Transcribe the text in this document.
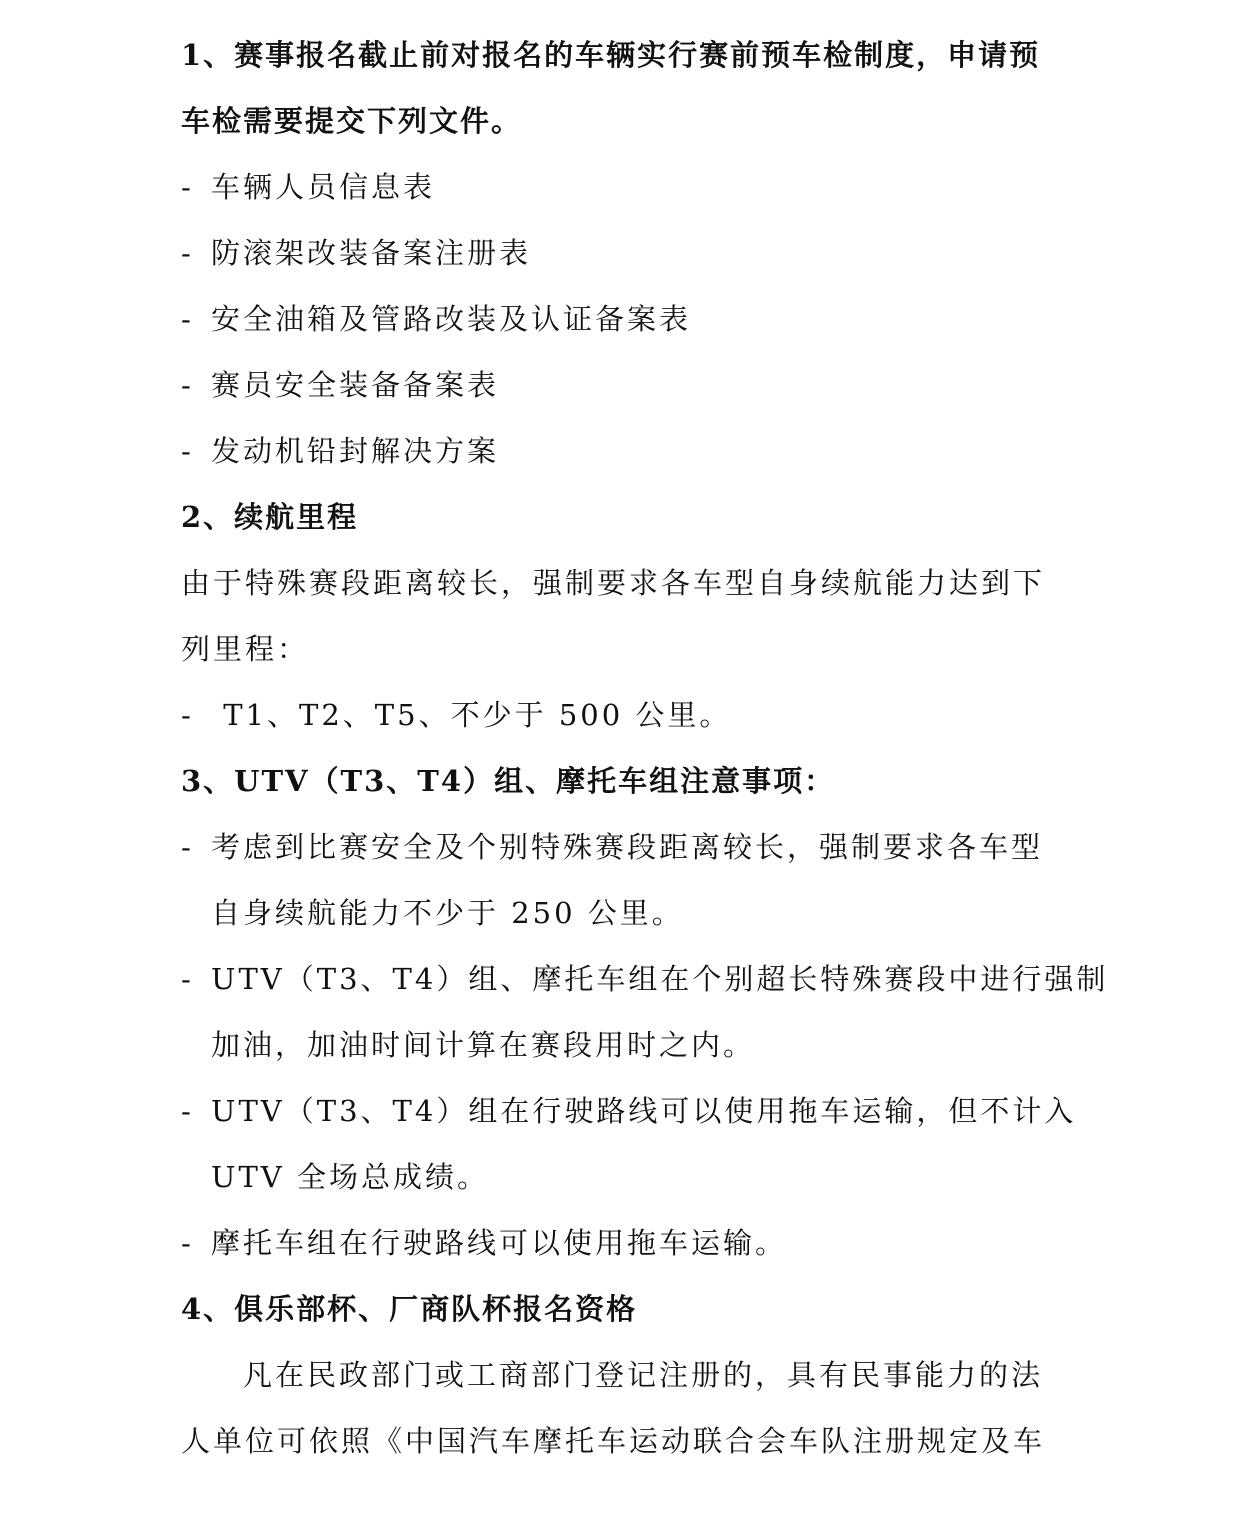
1、赛事报名截止前对报名的车辆实行赛前预车检制度，申请预
车检需要提交下列文件。
- 车辆人员信息表
- 防滚架改装备案注册表
- 安全油箱及管路改装及认证备案表
- 赛员安全装备备案表
- 发动机铅封解决方案
2、续航里程
由于特殊赛段距离较长，强制要求各车型自身续航能力达到下
列里程：
- T1、T2、T5、不少于 500 公里。
3、UTV（T3、T4）组、摩托车组注意事项：
- 考虑到比赛安全及个别特殊赛段距离较长，强制要求各车型
自身续航能力不少于 250 公里。
- UTV（T3、T4）组、摩托车组在个别超长特殊赛段中进行强制
加油，加油时间计算在赛段用时之内。
- UTV（T3、T4）组在行驶路线可以使用拖车运输，但不计入
UTV 全场总成绩。
- 摩托车组在行驶路线可以使用拖车运输。
4、俱乐部杯、厂商队杯报名资格
凡在民政部门或工商部门登记注册的，具有民事能力的法
人单位可依照《中国汽车摩托车运动联合会车队注册规定及车
